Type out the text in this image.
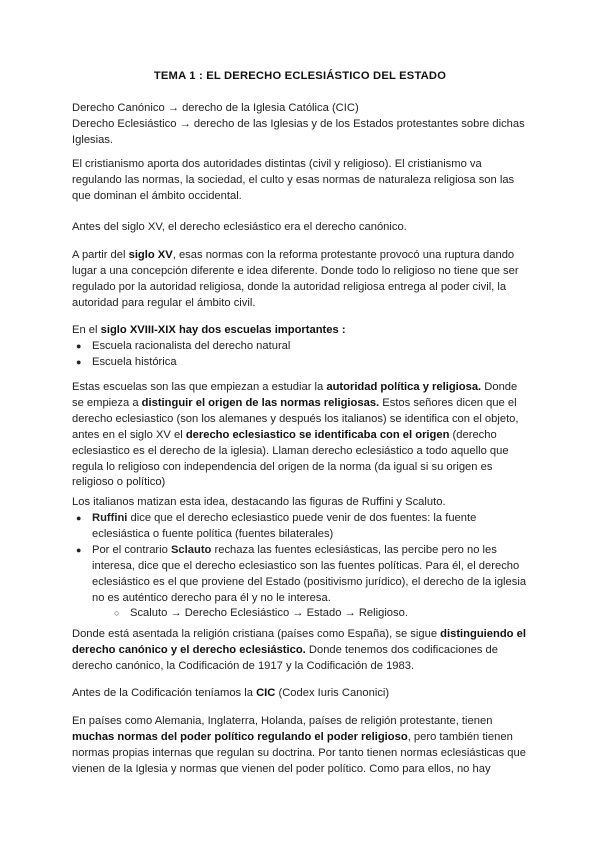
TEMA 1 : EL DERECHO ECLESIÁSTICO DEL ESTADO

Derecho Canónico → derecho de la Iglesia Católica (CIC)
Derecho Eclesiástico → derecho de las Iglesias y de los Estados protestantes sobre dichas Iglesias.

El cristianismo aporta dos autoridades distintas (civil y religioso). El cristianismo va regulando las normas, la sociedad, el culto y esas normas de naturaleza religiosa son las que dominan el ámbito occidental.

Antes del siglo XV, el derecho eclesiástico era el derecho canónico.

A partir del siglo XV, esas normas con la reforma protestante provocó una ruptura dando lugar a una concepción diferente e idea diferente. Donde todo lo religioso no tiene que ser regulado por la autoridad religiosa, donde la autoridad religiosa entrega al poder civil, la autoridad para regular el ámbito civil.

En el siglo XVIII-XIX hay dos escuelas importantes :

● Escuela racionalista del derecho natural
● Escuela histórica

Estas escuelas son las que empiezan a estudiar la autoridad política y religiosa. Donde se empieza a distinguir el origen de las normas religiosas. Estos señores dicen que el derecho eclesiastico (son los alemanes y después los italianos) se identifica con el objeto, antes en el siglo XV el derecho eclesiastico se identificaba con el origen (derecho eclesiastico es el derecho de la iglesia). Llaman derecho eclesiástico a todo aquello que regula lo religioso con independencia del origen de la norma (da igual si su origen es religioso o político)

Los italianos matizan esta idea, destacando las figuras de Ruffini y Scaluto.

● Ruffini dice que el derecho eclesiastico puede venir de dos fuentes: la fuente eclesiástica o fuente política (fuentes bilaterales)
● Por el contrario Sclauto rechaza las fuentes eclesiásticas, las percibe pero no les interesa, dice que el derecho eclesiastico son las fuentes políticas. Para él, el derecho eclesiástico es el que proviene del Estado (positivismo jurídico), el derecho de la iglesia no es auténtico derecho para él y no le interesa.
○ Scaluto → Derecho Eclesiástico → Estado → Religioso.

Donde está asentada la religión cristiana (países como España), se sigue distinguiendo el derecho canónico y el derecho eclesiástico. Donde tenemos dos codificaciones de derecho canónico, la Codificación de 1917 y la Codificación de 1983.

Antes de la Codificación teníamos la CIC (Codex Iuris Canonici)

En países como Alemania, Inglaterra, Holanda, países de religión protestante, tienen muchas normas del poder político regulando el poder religioso, pero también tienen normas propias internas que regulan su doctrina. Por tanto tienen normas eclesiásticas que vienen de la Iglesia y normas que vienen del poder político. Como para ellos, no hay
